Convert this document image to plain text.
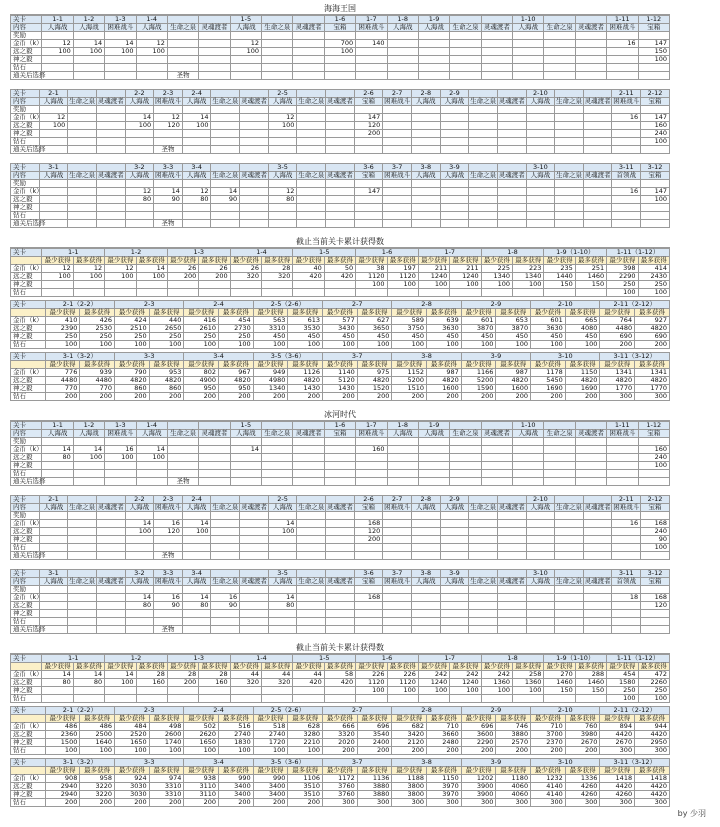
海海王国
关卡	1-1	1-2	1-3	1-4			1-5			1-6	1-7	1-8	1-9			1-10			1-11	1-12
内容	人海战	人海战	困难战斗	人海战	生命之泉	灵魂渡者	人海战	生命之泉	灵魂渡者	宝箱	困难战斗	人海战	人海战	生命之泉	灵魂渡者	人海战	生命之泉	灵魂渡者	困难战斗	宝箱
奖励																				
金币（k）	12	14	14	12			12			700	140								16	147
远之毅	100	100	100	100			100			100										150
神之毅																				100
钻石																				
通关后选择					圣物															
关卡	2-1			2-2	2-3	2-4			2-5			2-6	2-7	2-8	2-9			2-10			2-11	2-12
内容	人海战	生命之泉	灵魂渡者	人海战	困难战斗	人海战	生命之泉	灵魂渡者	人海战	生命之泉	灵魂渡者	宝箱	困难战斗	人海战	人海战	生命之泉	灵魂渡者	人海战	生命之泉	灵魂渡者	困难战斗	宝箱
奖励																						
金币（k）	12			14	12	14			12			147									16	147
远之毅	100			100	120	100			100			120										160
神之毅												200										240
钻石																						100
通关后选择					圣物																	
关卡	3-1			3-2	3-3	3-4			3-5			3-6	3-7	3-8	3-9			3-10			3-11	3-12
内容	人海战	生命之泉	灵魂渡者	人海战	困难战斗	人海战	生命之泉	灵魂渡者	人海战	生命之泉	灵魂渡者	宝箱	困难战斗	人海战	人海战	生命之泉	灵魂渡者	人海战	生命之泉	灵魂渡者	首领战	宝箱
奖励																						
金币（k）				12	14	12	14		12			147									16	147
远之毅				80	90	80	90		80													100
神之毅																						
钻石																						
通关后选择					圣物																	
截止当前关卡累计获得数
关卡	1-1		1-2		1-3		1-4		1-5		1-6		1-7		1-8		1-9（1-10）		1-11（1-12）	
	最少获得	最多获得	最少获得	最多获得	最少获得	最多获得	最少获得	最多获得	最少获得	最多获得	最少获得	最多获得	最少获得	最多获得	最少获得	最多获得	最少获得	最多获得	最少获得	最多获得
金币（k）	12	12	12	14	26	26	26	28	40	50	38	197	211	211	225	223	235	251	398	414
远之毅	100	100	100	100	200	200	320	320	420	420	1120	1120	1240	1240	1340	1340	1440	1460	2290	2430
神之毅											100	100	100	100	100	100	150	150	250	250
钻石																			100	100
关卡	2-1（2-2）		2-3		2-4		2-5（2-6）		2-7		2-8		2-9		2-10		2-11（2-12）	
	最少获得	最多获得	最少获得	最多获得	最少获得	最多获得	最少获得	最多获得	最少获得	最多获得	最少获得	最多获得	最少获得	最多获得	最少获得	最多获得	最少获得	最多获得
金币（k）	410	426	424	440	416	454	563	613	577	627	589	639	601	653	601	665	764	927
远之毅	2390	2530	2510	2650	2610	2730	3310	3530	3430	3650	3750	3630	3870	3870	3630	4080	4480	4820
神之毅	250	250	250	250	250	250	450	450	450	450	450	450	450	450	450	450	690	690
钻石	100	100	100	100	100	100	100	100	100	100	100	100	100	100	100	100	200	200
关卡	3-1（3-2）		3-3		3-4		3-5（3-6）		3-7		3-8		3-9		3-10		3-11（3-12）	
	最少获得	最多获得	最少获得	最多获得	最少获得	最多获得	最少获得	最多获得	最少获得	最多获得	最少获得	最多获得	最少获得	最多获得	最少获得	最多获得	最少获得	最多获得
金币（k）	776	939	790	953	802	967	949	1126	1140	975	1152	987	1166	987	1178	1150	1341	1341
远之毅	4480	4480	4820	4820	4900	4820	4980	4820	5120	4820	5200	4820	5200	4820	5450	4820	4820	4820
神之毅	770	770	860	860	950	950	1340	1430	1430	1520	1510	1600	1590	1600	1690	1690	1770	1770
钻石	200	200	200	200	200	200	200	200	200	200	200	200	200	200	200	200	300	300
冰河时代
关卡	1-1	1-2	1-3	1-4			1-5			1-6	1-7	1-8	1-9			1-10			1-11	1-12
内容	人海战	人海战	困难战斗	人海战	生命之泉	灵魂渡者	人海战	生命之泉	灵魂渡者	宝箱	困难战斗	人海战	人海战	生命之泉	灵魂渡者	人海战	生命之泉	灵魂渡者	困难战斗	宝箱
奖励																				
金币（k）	14	14	16	14			14				160									160
远之毅	80	100	100	100																240
神之毅																				100
钻石																				
通关后选择					圣物															
关卡	2-1			2-2	2-3	2-4			2-5			2-6	2-7	2-8	2-9			2-10			2-11	2-12
内容	人海战	生命之泉	灵魂渡者	人海战	困难战斗	人海战	生命之泉	灵魂渡者	人海战	生命之泉	灵魂渡者	宝箱	困难战斗	人海战	人海战	生命之泉	灵魂渡者	人海战	生命之泉	灵魂渡者	困难战斗	宝箱
奖励																						
金币（k）				14	16	14			14			168									16	168
远之毅				100	120	100			100			120										240
神之毅												200										90
钻石																						100
通关后选择					圣物																	
关卡	3-1			3-2	3-3	3-4			3-5			3-6	3-7	3-8	3-9			3-10			3-11	3-12
内容	人海战	生命之泉	灵魂渡者	人海战	困难战斗	人海战	生命之泉	灵魂渡者	人海战	生命之泉	灵魂渡者	宝箱	困难战斗	人海战	人海战	生命之泉	灵魂渡者	人海战	生命之泉	灵魂渡者	首领战	宝箱
奖励																						
金币（k）				14	16	14	16		14			168									18	168
远之毅				80	90	80	90		80													120
神之毅																						
钻石																						
通关后选择					圣物																	
截止当前关卡累计获得数
关卡	1-1		1-2		1-3		1-4		1-5		1-6		1-7		1-8		1-9（1-10）		1-11（1-12）	
	最少获得	最多获得	最少获得	最多获得	最少获得	最多获得	最少获得	最多获得	最少获得	最多获得	最少获得	最多获得	最少获得	最多获得	最少获得	最多获得	最少获得	最多获得	最少获得	最多获得
金币（k）	14	14	14	28	28	28	44	44	44	58	226	226	242	242	242	258	270	288	454	472
远之毅	80	80	100	160	200	160	320	320	420	420	1120	1120	1240	1240	1360	1360	1460	1460	1580	2260
神之毅											100	100	100	100	100	100	150	150	250	250
钻石																			100	100
关卡	2-1（2-2）		2-3		2-4		2-5（2-6）		2-7		2-8		2-9		2-10		2-11（2-12）	
	最少获得	最多获得	最少获得	最多获得	最少获得	最多获得	最少获得	最多获得	最少获得	最多获得	最少获得	最多获得	最少获得	最多获得	最少获得	最多获得	最少获得	最多获得
金币（k）	486	486	484	498	502	516	518	628	666	696	682	710	696	746	710	760	894	944
远之毅	2360	2500	2520	2600	2620	2740	2740	3280	3320	3540	3420	3660	3600	3880	3700	3980	4420	4420
神之毅	1500	1640	1650	1740	1650	1830	1720	2210	2020	2400	2120	2480	2290	2570	2370	2670	2670	2950
钻石	100	100	100	100	100	100	100	100	200	200	200	200	200	200	200	200	300	300
关卡	3-1（3-2）		3-3		3-4		3-5（3-6）		3-7		3-8		3-9		3-10		3-11（3-12）	
	最少获得	最多获得	最少获得	最多获得	最少获得	最多获得	最少获得	最多获得	最少获得	最多获得	最少获得	最多获得	最少获得	最多获得	最少获得	最多获得	最少获得	最多获得
金币（k）	908	958	924	974	938	990	990	1106	1172	1136	1188	1150	1202	1180	1232	1336	1418	1418
远之毅	2940	3220	3030	3310	3110	3400	3400	3510	3760	3880	3800	3970	3900	4060	4140	4260	4420	4420
神之毅	2940	3220	3030	3310	3110	3400	3400	3510	3760	3880	3800	3970	3900	4060	4140	4260	4260	4420
钻石	200	200	200	200	200	200	200	200	300	300	300	300	300	300	300	300	300	300
by 少羽
